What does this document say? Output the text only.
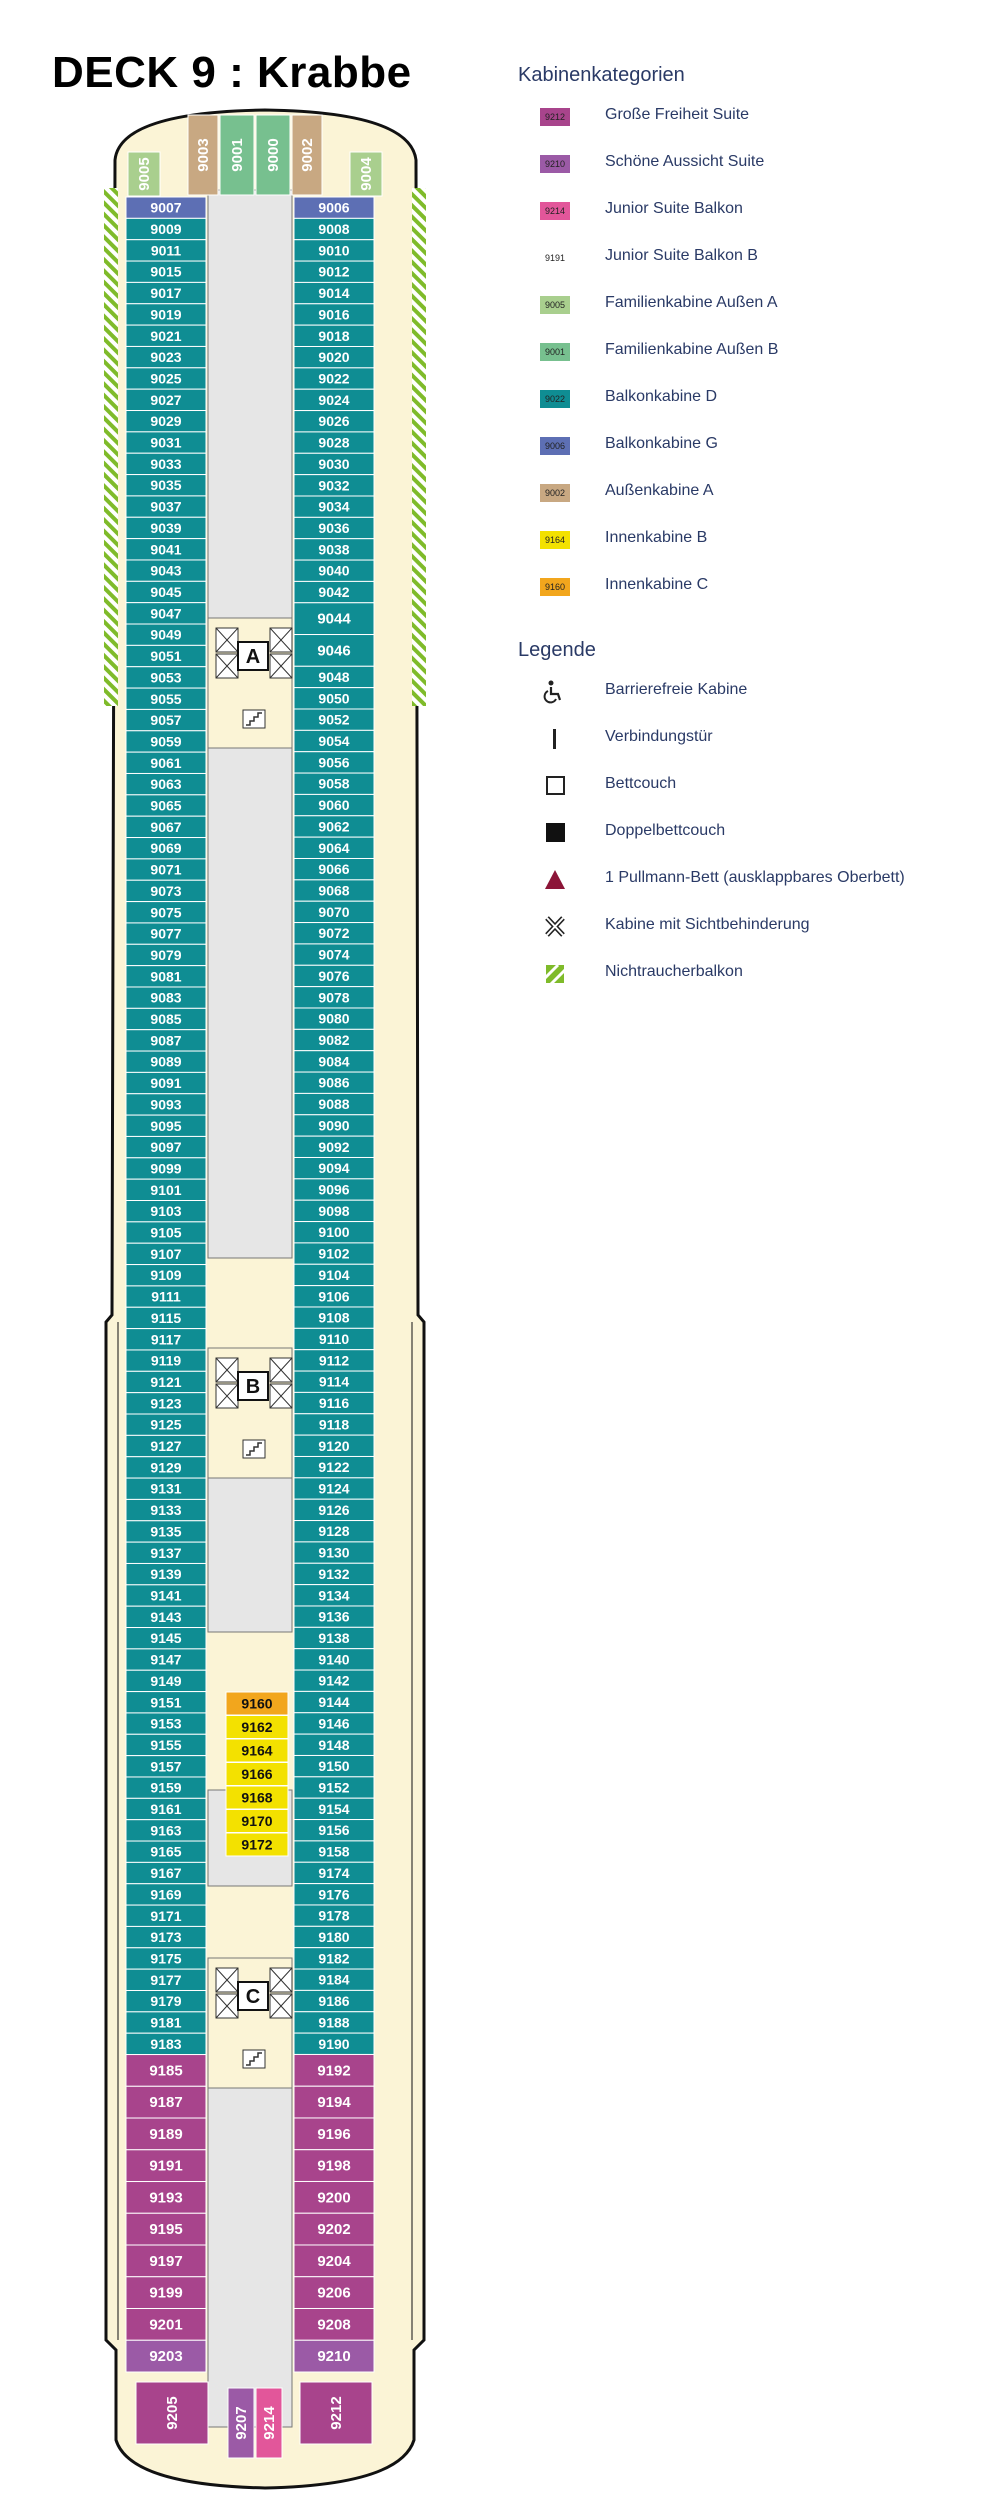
DECK 9 : Krabbe
9007
9009
9011
9015
9017
9019
9021
9023
9025
9027
9029
9031
9033
9035
9037
9039
9041
9043
9045
9047
9049
9051
9053
9055
9057
9059
9061
9063
9065
9067
9069
9071
9073
9075
9077
9079
9081
9083
9085
9087
9089
9091
9093
9095
9097
9099
9101
9103
9105
9107
9109
9111
9115
9117
9119
9121
9123
9125
9127
9129
9131
9133
9135
9137
9139
9141
9143
9145
9147
9149
9151
9153
9155
9157
9159
9161
9163
9165
9167
9169
9171
9173
9175
9177
9179
9181
9183
9185
9187
9189
9191
9193
9195
9197
9199
9201
9203
9006
9008
9010
9012
9014
9016
9018
9020
9022
9024
9026
9028
9030
9032
9034
9036
9038
9040
9042
9044
9046
9048
9050
9052
9054
9056
9058
9060
9062
9064
9066
9068
9070
9072
9074
9076
9078
9080
9082
9084
9086
9088
9090
9092
9094
9096
9098
9100
9102
9104
9106
9108
9110
9112
9114
9116
9118
9120
9122
9124
9126
9128
9130
9132
9134
9136
9138
9140
9142
9144
9146
9148
9150
9152
9154
9156
9158
9174
9176
9178
9180
9182
9184
9186
9188
9190
9192
9194
9196
9198
9200
9202
9204
9206
9208
9210
9005
9003 9001 9000 9002
9004
9160
9162
9164
9166
9168
9170
9172
9205	9207 9214	9212
A
B
C
Kabinenkategorien
9212	Große Freiheit Suite
9210	Schöne Aussicht Suite
9214	Junior Suite Balkon
9191	Junior Suite Balkon B
9005	Familienkabine Außen A
9001	Familienkabine Außen B
9022	Balkonkabine D
9006	Balkonkabine G
9002	Außenkabine A
9164	Innenkabine B
9160	Innenkabine C
Legende
Barrierefreie Kabine
Verbindungstür
Bettcouch
Doppelbettcouch
1 Pullmann-Bett (ausklappbares Oberbett)
Kabine mit Sichtbehinderung
Nichtraucherbalkon
